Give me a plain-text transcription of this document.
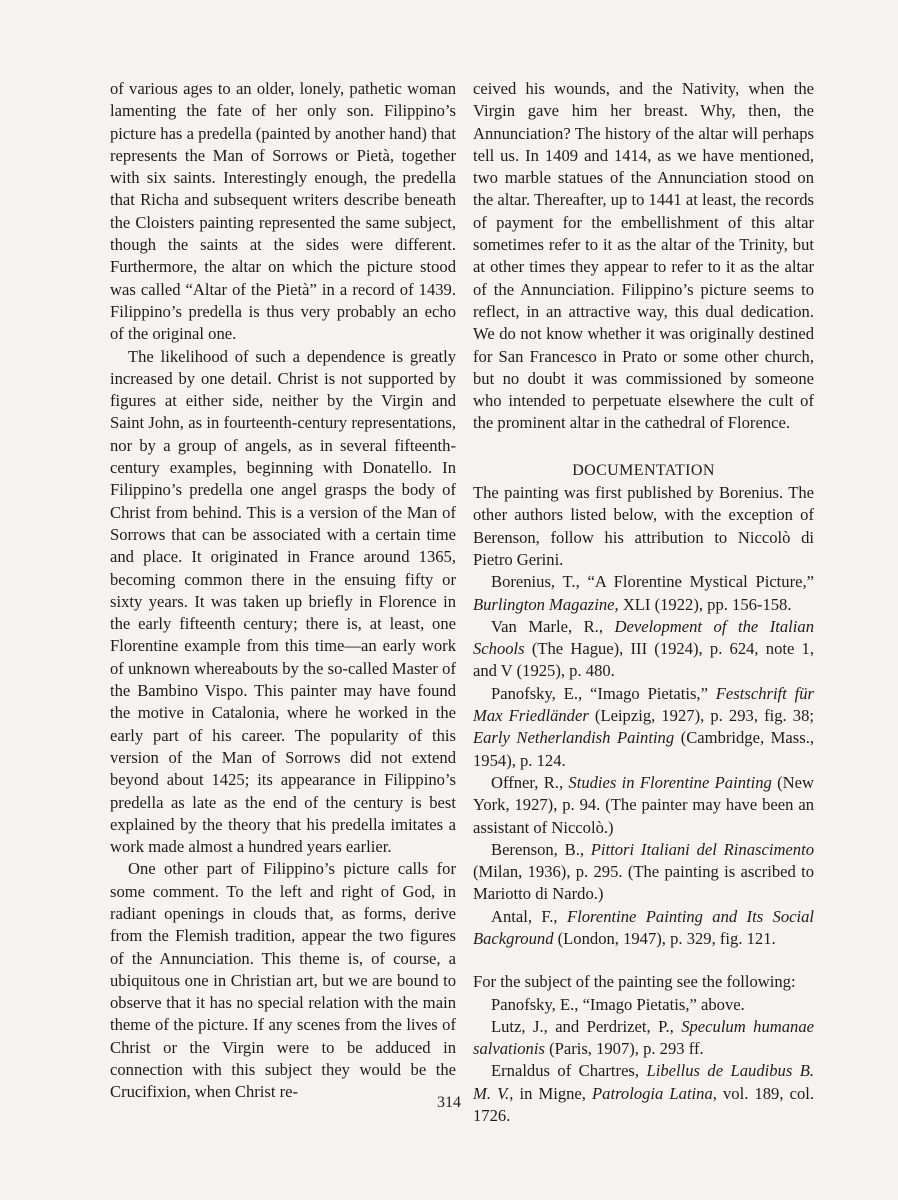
of various ages to an older, lonely, pathetic woman lamenting the fate of her only son. Filippino’s picture has a predella (painted by another hand) that represents the Man of Sorrows or Pietà, together with six saints. Interestingly enough, the predella that Richa and subsequent writers describe beneath the Cloisters painting represented the same subject, though the saints at the sides were different. Furthermore, the altar on which the picture stood was called “Altar of the Pietà” in a record of 1439. Filippino’s predella is thus very probably an echo of the original one.

The likelihood of such a dependence is greatly increased by one detail. Christ is not supported by figures at either side, neither by the Virgin and Saint John, as in fourteenth-century representations, nor by a group of angels, as in several fifteenth-century examples, beginning with Donatello. In Filippino’s predella one angel grasps the body of Christ from behind. This is a version of the Man of Sorrows that can be associated with a certain time and place. It originated in France around 1365, becoming common there in the ensuing fifty or sixty years. It was taken up briefly in Florence in the early fifteenth century; there is, at least, one Florentine example from this time—an early work of unknown whereabouts by the so-called Master of the Bambino Vispo. This painter may have found the motive in Catalonia, where he worked in the early part of his career. The popularity of this version of the Man of Sorrows did not extend beyond about 1425; its appearance in Filippino’s predella as late as the end of the century is best explained by the theory that his predella imitates a work made almost a hundred years earlier.

One other part of Filippino’s picture calls for some comment. To the left and right of God, in radiant openings in clouds that, as forms, derive from the Flemish tradition, appear the two figures of the Annunciation. This theme is, of course, a ubiquitous one in Christian art, but we are bound to observe that it has no special relation with the main theme of the picture. If any scenes from the lives of Christ or the Virgin were to be adduced in connection with this subject they would be the Crucifixion, when Christ re-

ceived his wounds, and the Nativity, when the Virgin gave him her breast. Why, then, the Annunciation? The history of the altar will perhaps tell us. In 1409 and 1414, as we have mentioned, two marble statues of the Annunciation stood on the altar. Thereafter, up to 1441 at least, the records of payment for the embellishment of this altar sometimes refer to it as the altar of the Trinity, but at other times they appear to refer to it as the altar of the Annunciation. Filippino’s picture seems to reflect, in an attractive way, this dual dedication. We do not know whether it was originally destined for San Francesco in Prato or some other church, but no doubt it was commissioned by someone who intended to perpetuate elsewhere the cult of the prominent altar in the cathedral of Florence.

DOCUMENTATION

The painting was first published by Borenius. The other authors listed below, with the exception of Berenson, follow his attribution to Niccolò di Pietro Gerini.

Borenius, T., “A Florentine Mystical Picture,” Burlington Magazine, XLI (1922), pp. 156-158.

Van Marle, R., Development of the Italian Schools (The Hague), III (1924), p. 624, note 1, and V (1925), p. 480.

Panofsky, E., “Imago Pietatis,” Festschrift für Max Friedländer (Leipzig, 1927), p. 293, fig. 38; Early Netherlandish Painting (Cambridge, Mass., 1954), p. 124.

Offner, R., Studies in Florentine Painting (New York, 1927), p. 94. (The painter may have been an assistant of Niccolò.)

Berenson, B., Pittori Italiani del Rinascimento (Milan, 1936), p. 295. (The painting is ascribed to Mariotto di Nardo.)

Antal, F., Florentine Painting and Its Social Background (London, 1947), p. 329, fig. 121.

For the subject of the painting see the following:

Panofsky, E., “Imago Pietatis,” above.

Lutz, J., and Perdrizet, P., Speculum humanae salvationis (Paris, 1907), p. 293 ff.

Ernaldus of Chartres, Libellus de Laudibus B. M. V., in Migne, Patrologia Latina, vol. 189, col. 1726.

314
